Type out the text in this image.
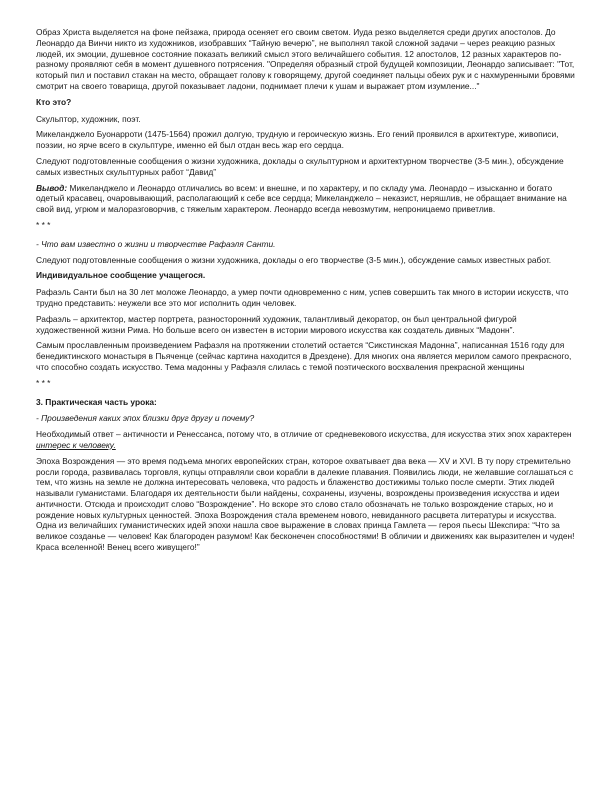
Образ Христа выделяется на фоне пейзажа, природа осеняет его своим светом. Иуда резко выделяется среди других апостолов. До Леонардо да Винчи никто из художников, изобравших “Тайную вечерю”, не выполнял такой сложной задачи – через реакцию разных людей, их эмоции, душевное состояние показать великий смысл этого величайшего события. 12 апостолов, 12 разных характеров по-разному проявляют себя в момент душевного потрясения. "Определяя образный строй будущей композиции, Леонардо записывает: "Тот, который пил и поставил стакан на место, обращает голову к говорящему, другой соединяет пальцы обеих рук и с нахмуренными бровями смотрит на своего товарища, другой показывает ладони, поднимает плечи к ушам и выражает ртом изумление..."

Кто это?

Скульптор, художник, поэт.

Микеланджело Буонарроти (1475-1564) прожил долгую, трудную и героическую жизнь. Его гений проявился в архитектуре, живописи, поэзии, но ярче всего в скульптуре, именно ей был отдан весь жар его сердца.

Следуют подготовленные сообщения о жизни художника, доклады о скульптурном и архитектурном творчестве (3-5 мин.), обсуждение самых известных скульптурных работ “Давид”

Вывод: Микеланджело и Леонардо отличались во всем: и внешне, и по характеру, и по складу ума. Леонардо – изысканно и богато одетый красавец, очаровывающий, располагающий к себе все сердца; Микеланджело – неказист, неряшлив, не обращает внимание на свой вид, угрюм и малоразговорчив, с тяжелым характером. Леонардо всегда невозмутим, непроницаемо приветлив.

* * *

- Что вам известно о жизни и творчестве Рафаэля Санти.

Следуют подготовленные сообщения о жизни художника, доклады о его творчестве (3-5 мин.), обсуждение самых известных работ.

Индивидуальное сообщение учащегося.

Рафаэль Санти был на 30 лет моложе Леонардо, а умер почти одновременно с ним, успев совершить так много в истории искусств, что трудно представить: неужели все это мог исполнить один человек.

Рафаэль – архитектор, мастер портрета, разносторонний художник, талантливый декоратор, он был центральной фигурой художественной жизни Рима. Но больше всего он известен в истории мирового искусства как создатель дивных “Мадонн”.

Самым прославленным произведением Рафаэля на протяжении столетий остается “Сикстинская Мадонна”, написанная 1516 году для бенедиктинского монастыря в Пьяченце (сейчас картина находится в Дрездене). Для многих она является мерилом самого прекрасного, что способно создать искусство. Тема мадонны у Рафаэля слилась с темой поэтического восхваления прекрасной женщины

* * *

3. Практическая часть урока:

- Произведения каких эпох близки друг другу и почему?

Необходимый ответ – античности и Ренессанса, потому что, в отличие от средневекового искусства, для искусства этих эпох характерен интерес к человеку.

Эпоха Возрождения — это время подъема многих европейских стран, которое охватывает два века — XV и XVI. В ту пору стремительно росли города, развивалась торговля, купцы отправляли свои корабли в далекие плавания. Появились люди, не желавшие соглашаться с тем, что жизнь на земле не должна интересовать человека, что радость и блаженство достижимы только после смерти. Этих людей называли гуманистами. Благодаря их деятельности были найдены, сохранены, изучены, возрождены произведения искусства и идеи античности. Отсюда и происходит слово “Возрождение”. Но вскоре это слово стало обозначать не только возрождение старых, но и рождение новых культурных ценностей. Эпоха Возрождения стала временем нового, невиданного расцвета литературы и искусства. Одна из величайших гуманистических идей эпохи нашла свое выражение в словах принца Гамлета — героя пьесы Шекспира: “Что за великое созданье — человек! Как благороден разумом! Как бесконечен способностями! В обличии и движениях как выразителен и чуден! Краса вселенной! Венец всего живущего!”
